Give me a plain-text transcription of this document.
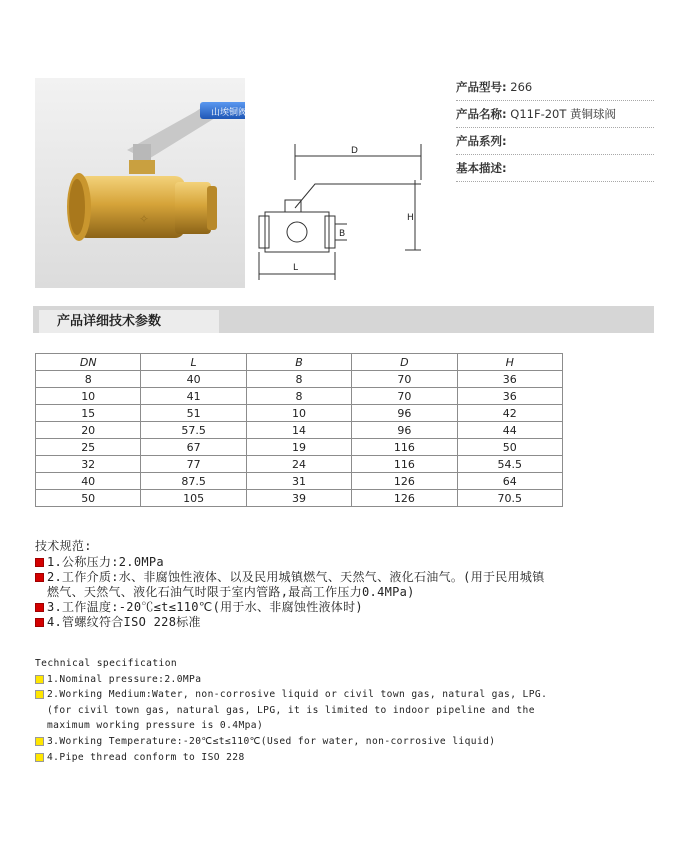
山埃铜阀
✧
D
H
B
L
产品型号: 266
产品名称: Q11F-20T 黄铜球阀
产品系列:
基本描述:
产品详细技术参数
DN	L	B	D	H
8	40	8	70	36
10	41	8	70	36
15	51	10	96	42
20	57.5	14	96	44
25	67	19	116	50
32	77	24	116	54.5
40	87.5	31	126	64
50	105	39	126	70.5
技术规范:
1.公称压力:2.0MPa
2.工作介质:水、非腐蚀性液体、以及民用城镇燃气、天然气、液化石油气。(用于民用城镇燃气、天然气、液化石油气时限于室内管路,最高工作压力0.4MPa)
3.工作温度:-20℃≤t≤110℃(用于水、非腐蚀性液体时)
4.管螺纹符合ISO 228标准
Technical specification
1.Nominal pressure:2.0MPa
2.Working Medium:Water, non-corrosive liquid or civil town gas, natural gas, LPG. (for civil town gas, natural gas, LPG, it is limited to indoor pipeline and the maximum working pressure is 0.4Mpa)
3.Working Temperature:-20℃≤t≤110℃(Used for water, non-corrosive liquid)
4.Pipe thread conform to ISO 228
